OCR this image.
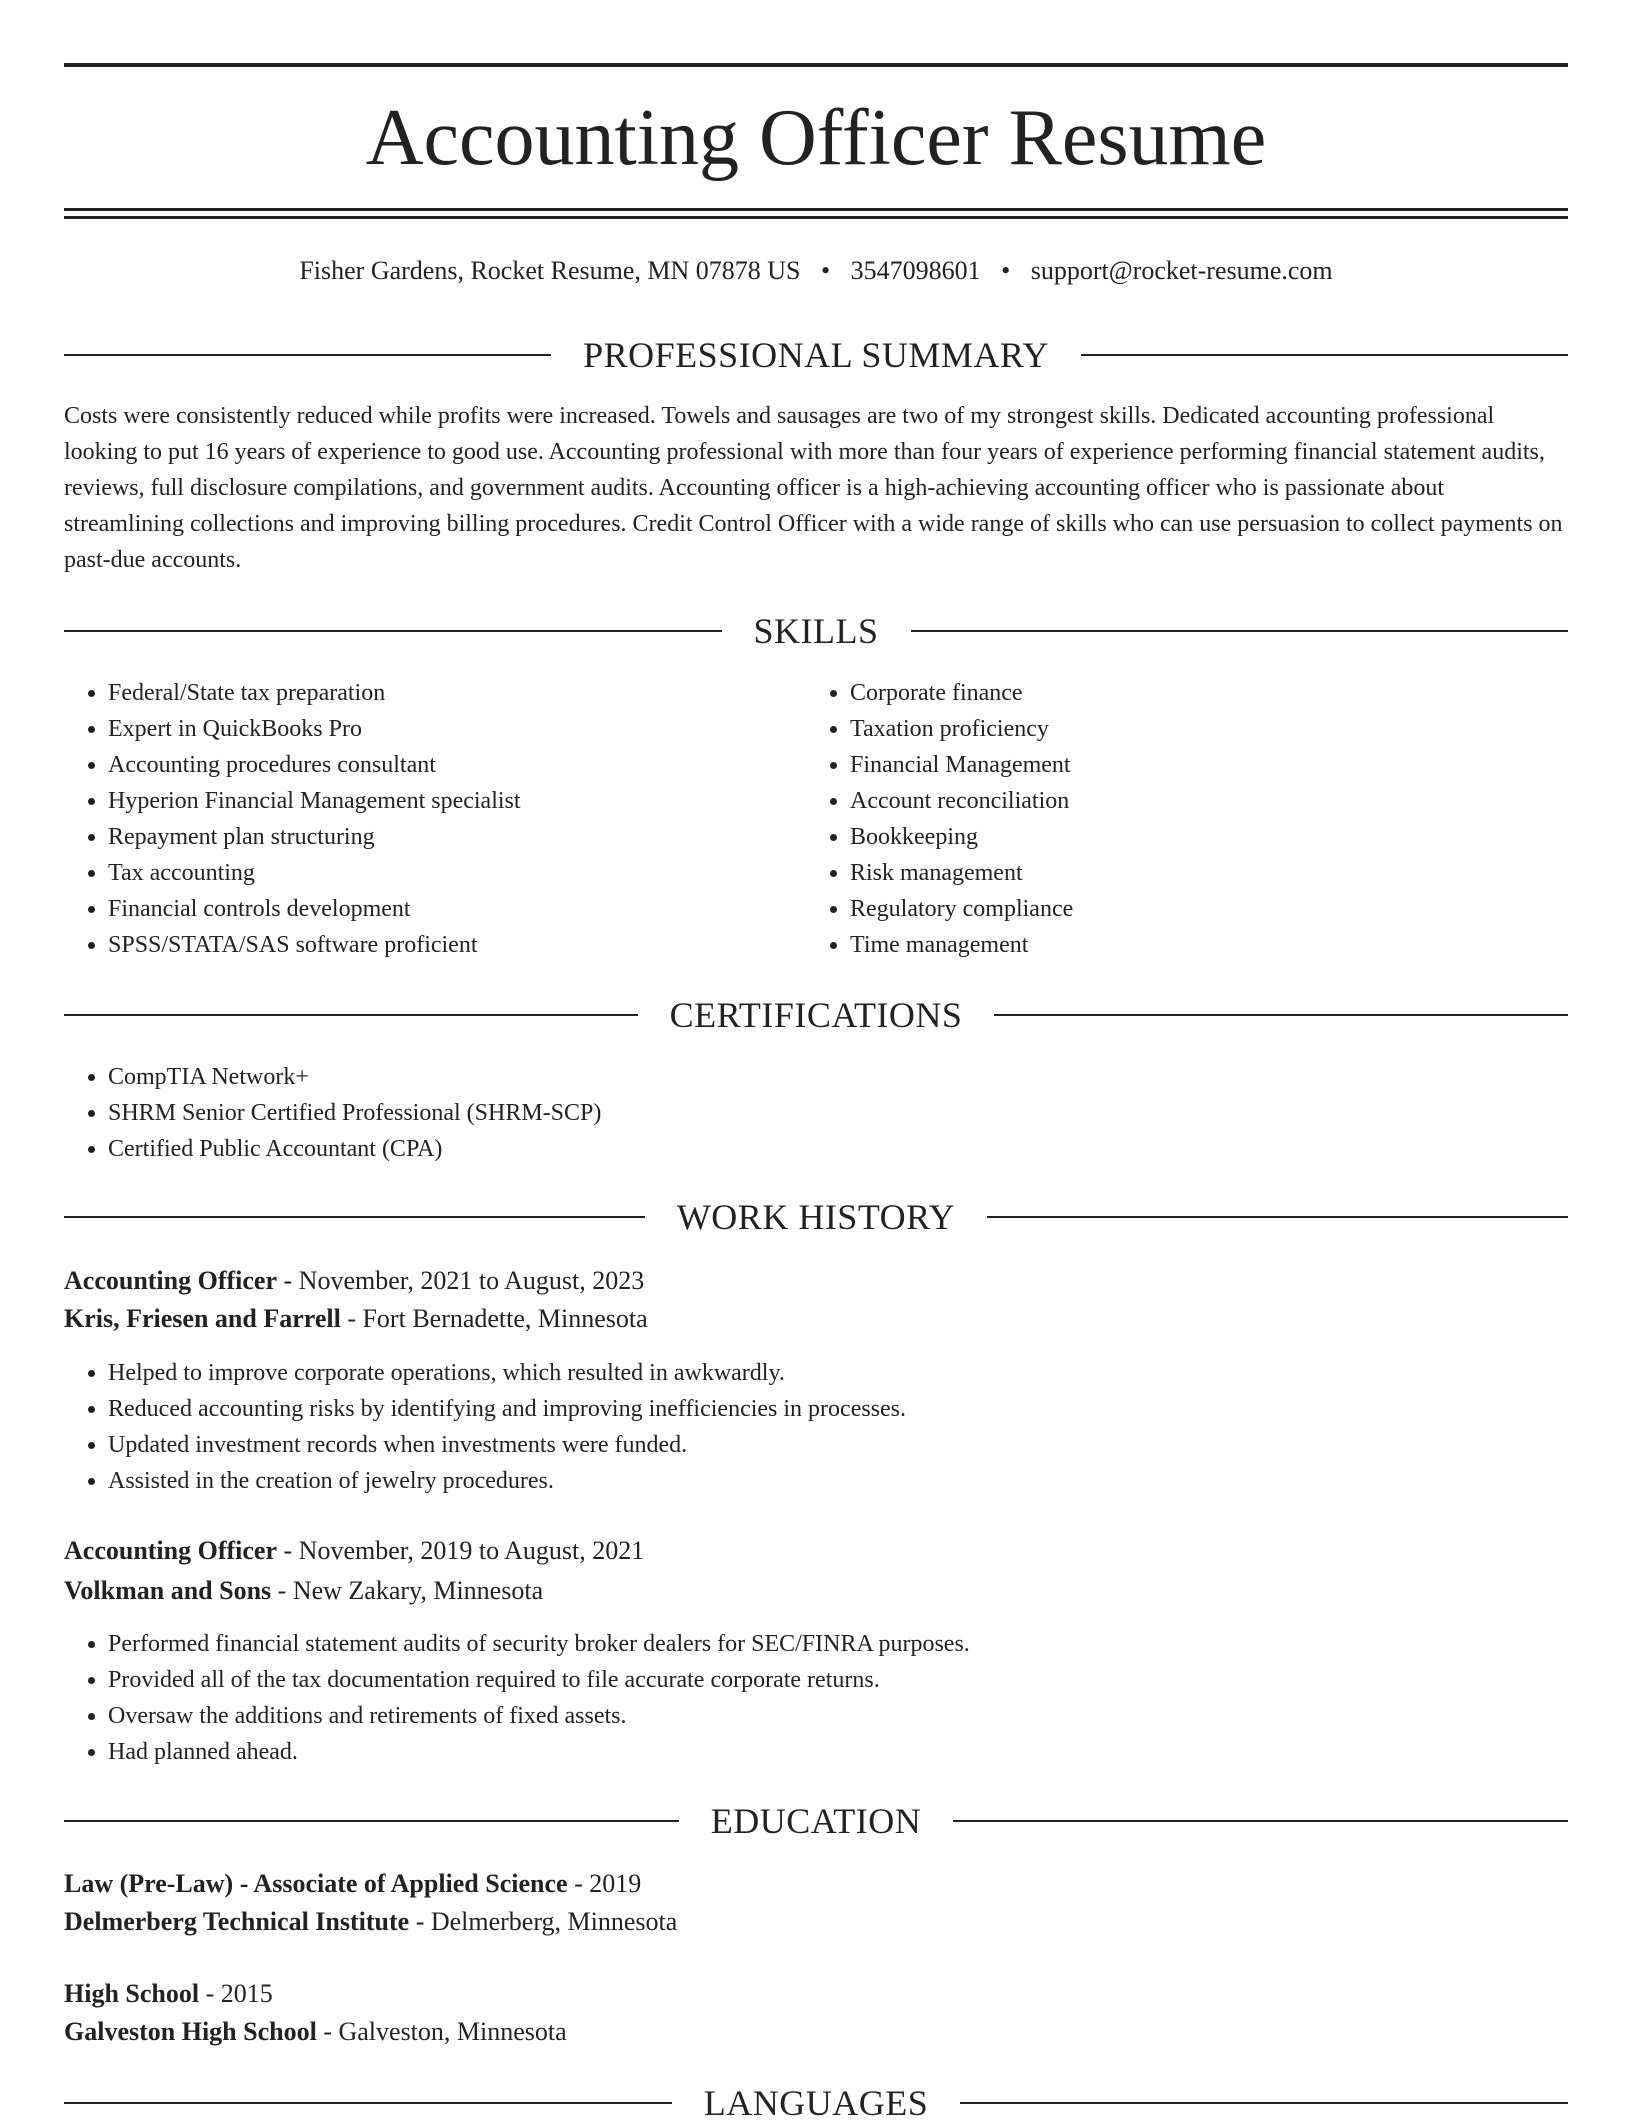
Accounting Officer Resume
Fisher Gardens, Rocket Resume, MN 07878 US • 3547098601 • support@rocket-resume.com
PROFESSIONAL SUMMARY

Costs were consistently reduced while profits were increased. Towels and sausages are two of my strongest skills. Dedicated accounting professional looking to put 16 years of experience to good use. Accounting professional with more than four years of experience performing financial statement audits, reviews, full disclosure compilations, and government audits. Accounting officer is a high-achieving accounting officer who is passionate about streamlining collections and improving billing procedures. Credit Control Officer with a wide range of skills who can use persuasion to collect payments on past-due accounts.

SKILLS
• Federal/State tax preparation
• Expert in QuickBooks Pro
• Accounting procedures consultant
• Hyperion Financial Management specialist
• Repayment plan structuring
• Tax accounting
• Financial controls development
• SPSS/STATA/SAS software proficient
• Corporate finance
• Taxation proficiency
• Financial Management
• Account reconciliation
• Bookkeeping
• Risk management
• Regulatory compliance
• Time management
CERTIFICATIONS
• CompTIA Network+
• SHRM Senior Certified Professional (SHRM-SCP)
• Certified Public Accountant (CPA)
WORK HISTORY
Accounting Officer - November, 2021 to August, 2023
Kris, Friesen and Farrell - Fort Bernadette, Minnesota
• Helped to improve corporate operations, which resulted in awkwardly.
• Reduced accounting risks by identifying and improving inefficiencies in processes.
• Updated investment records when investments were funded.
• Assisted in the creation of jewelry procedures.
Accounting Officer - November, 2019 to August, 2021
Volkman and Sons - New Zakary, Minnesota
• Performed financial statement audits of security broker dealers for SEC/FINRA purposes.
• Provided all of the tax documentation required to file accurate corporate returns.
• Oversaw the additions and retirements of fixed assets.
• Had planned ahead.
EDUCATION
Law (Pre-Law) - Associate of Applied Science - 2019
Delmerberg Technical Institute - Delmerberg, Minnesota
High School - 2015
Galveston High School - Galveston, Minnesota
LANGUAGES
